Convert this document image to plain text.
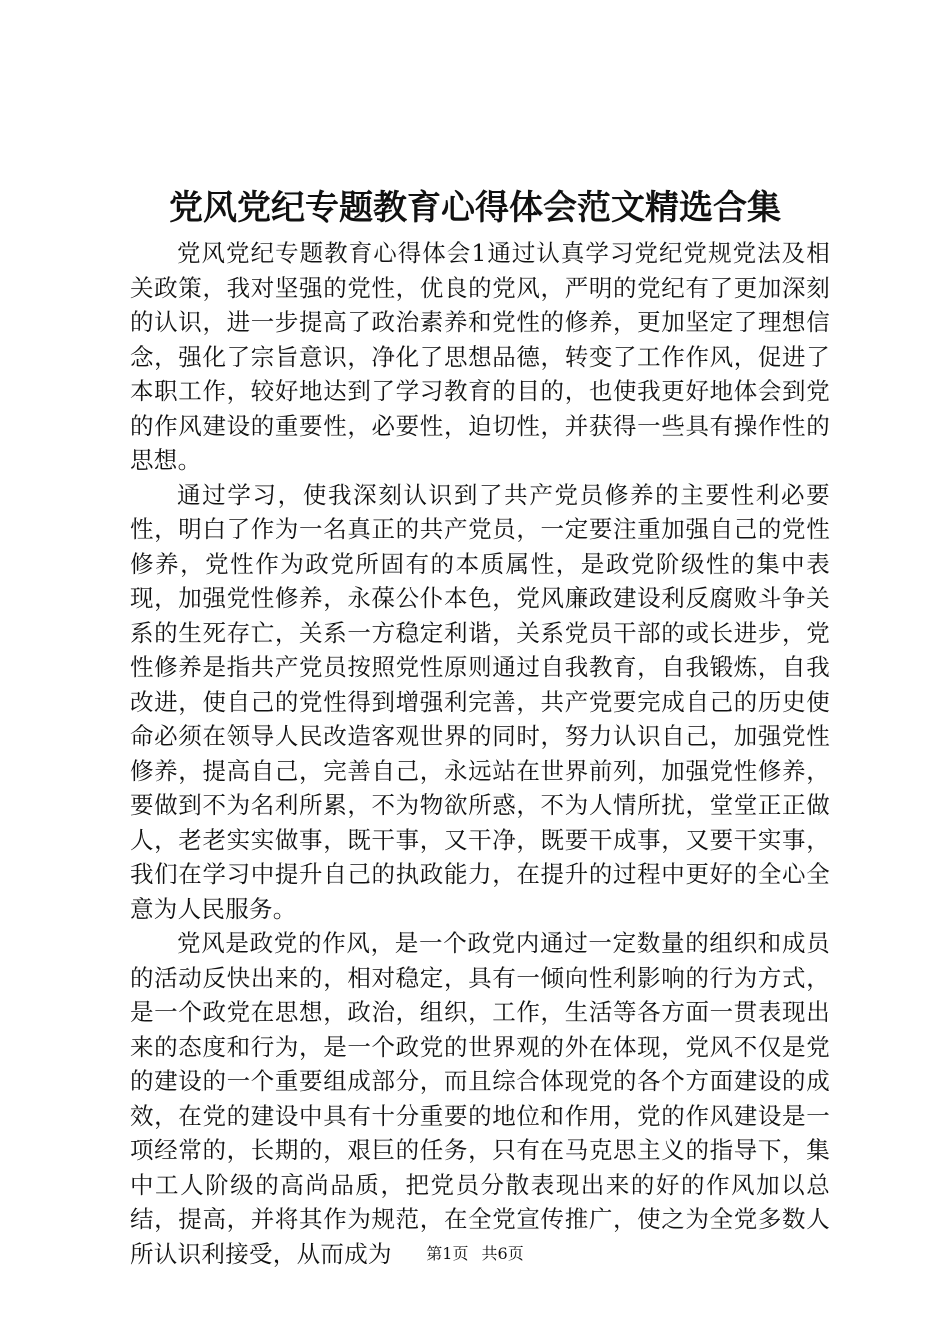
党风党纪专题教育心得体会范文精选合集

党风党纪专题教育心得体会1通过认真学习党纪党规党法及相关政策，我对坚强的党性，优良的党风，严明的党纪有了更加深刻的认识，进一步提高了政治素养和党性的修养，更加坚定了理想信念，强化了宗旨意识，净化了思想品德，转变了工作作风，促进了本职工作，较好地达到了学习教育的目的，也使我更好地体会到党的作风建设的重要性，必要性，迫切性，并获得一些具有操作性的思想。

通过学习，使我深刻认识到了共产党员修养的主要性利必要性，明白了作为一名真正的共产党员，一定要注重加强自己的党性修养，党性作为政党所固有的本质属性，是政党阶级性的集中表现，加强党性修养，永葆公仆本色，党风廉政建设利反腐败斗争关系的生死存亡，关系一方稳定利谐，关系党员干部的或长进步，党性修养是指共产党员按照党性原则通过自我教育，自我锻炼，自我改进，使自己的党性得到增强利完善，共产党要完成自己的历史使命必须在领导人民改造客观世界的同时，努力认识自己，加强党性修养，提高自己，完善自己，永远站在世界前列，加强党性修养，要做到不为名利所累，不为物欲所惑，不为人情所扰，堂堂正正做人，老老实实做事，既干事，又干净，既要干成事，又要干实事，我们在学习中提升自己的执政能力，在提升的过程中更好的全心全意为人民服务。

党风是政党的作风，是一个政党内通过一定数量的组织和成员的活动反快出来的，相对稳定，具有一倾向性利影响的行为方式，是一个政党在思想，政治，组织，工作，生活等各方面一贯表现出来的态度和行为，是一个政党的世界观的外在体现，党风不仅是党的建设的一个重要组成部分，而且综合体现党的各个方面建设的成效，在党的建设中具有十分重要的地位和作用，党的作风建设是一项经常的，长期的，艰巨的任务，只有在马克思主义的指导下，集中工人阶级的高尚品质，把党员分散表现出来的好的作风加以总结，提高，并将其作为规范，在全党宣传推广，使之为全党多数人所认识利接受，从而成为	第1页 共6页
